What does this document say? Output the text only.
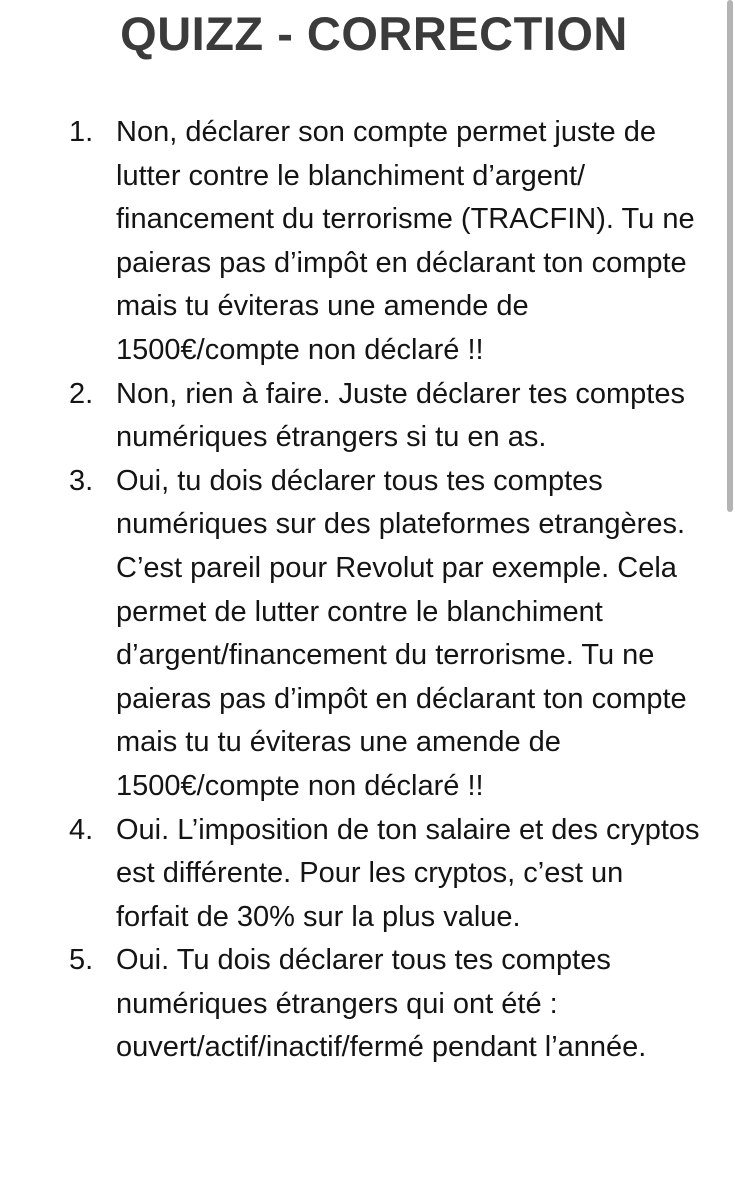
QUIZZ - CORRECTION
1. Non, déclarer son compte permet juste de lutter contre le blanchiment d’argent/ financement du terrorisme (TRACFIN). Tu ne paieras pas d’impôt en déclarant ton compte mais tu éviteras une amende de 1500€/compte non déclaré !!
2. Non, rien à faire. Juste déclarer tes comptes numériques étrangers si tu en as.
3. Oui, tu dois déclarer tous tes comptes numériques sur des plateformes etrangères. C’est pareil pour Revolut par exemple. Cela permet de lutter contre le blanchiment d’argent/financement du terrorisme. Tu ne paieras pas d’impôt en déclarant ton compte mais tu tu éviteras une amende de 1500€/compte non déclaré !!
4. Oui. L’imposition de ton salaire et des cryptos est différente. Pour les cryptos, c’est un forfait de 30% sur la plus value.
5. Oui. Tu dois déclarer tous tes comptes numériques étrangers qui ont été : ouvert/actif/inactif/fermé pendant l’année.
